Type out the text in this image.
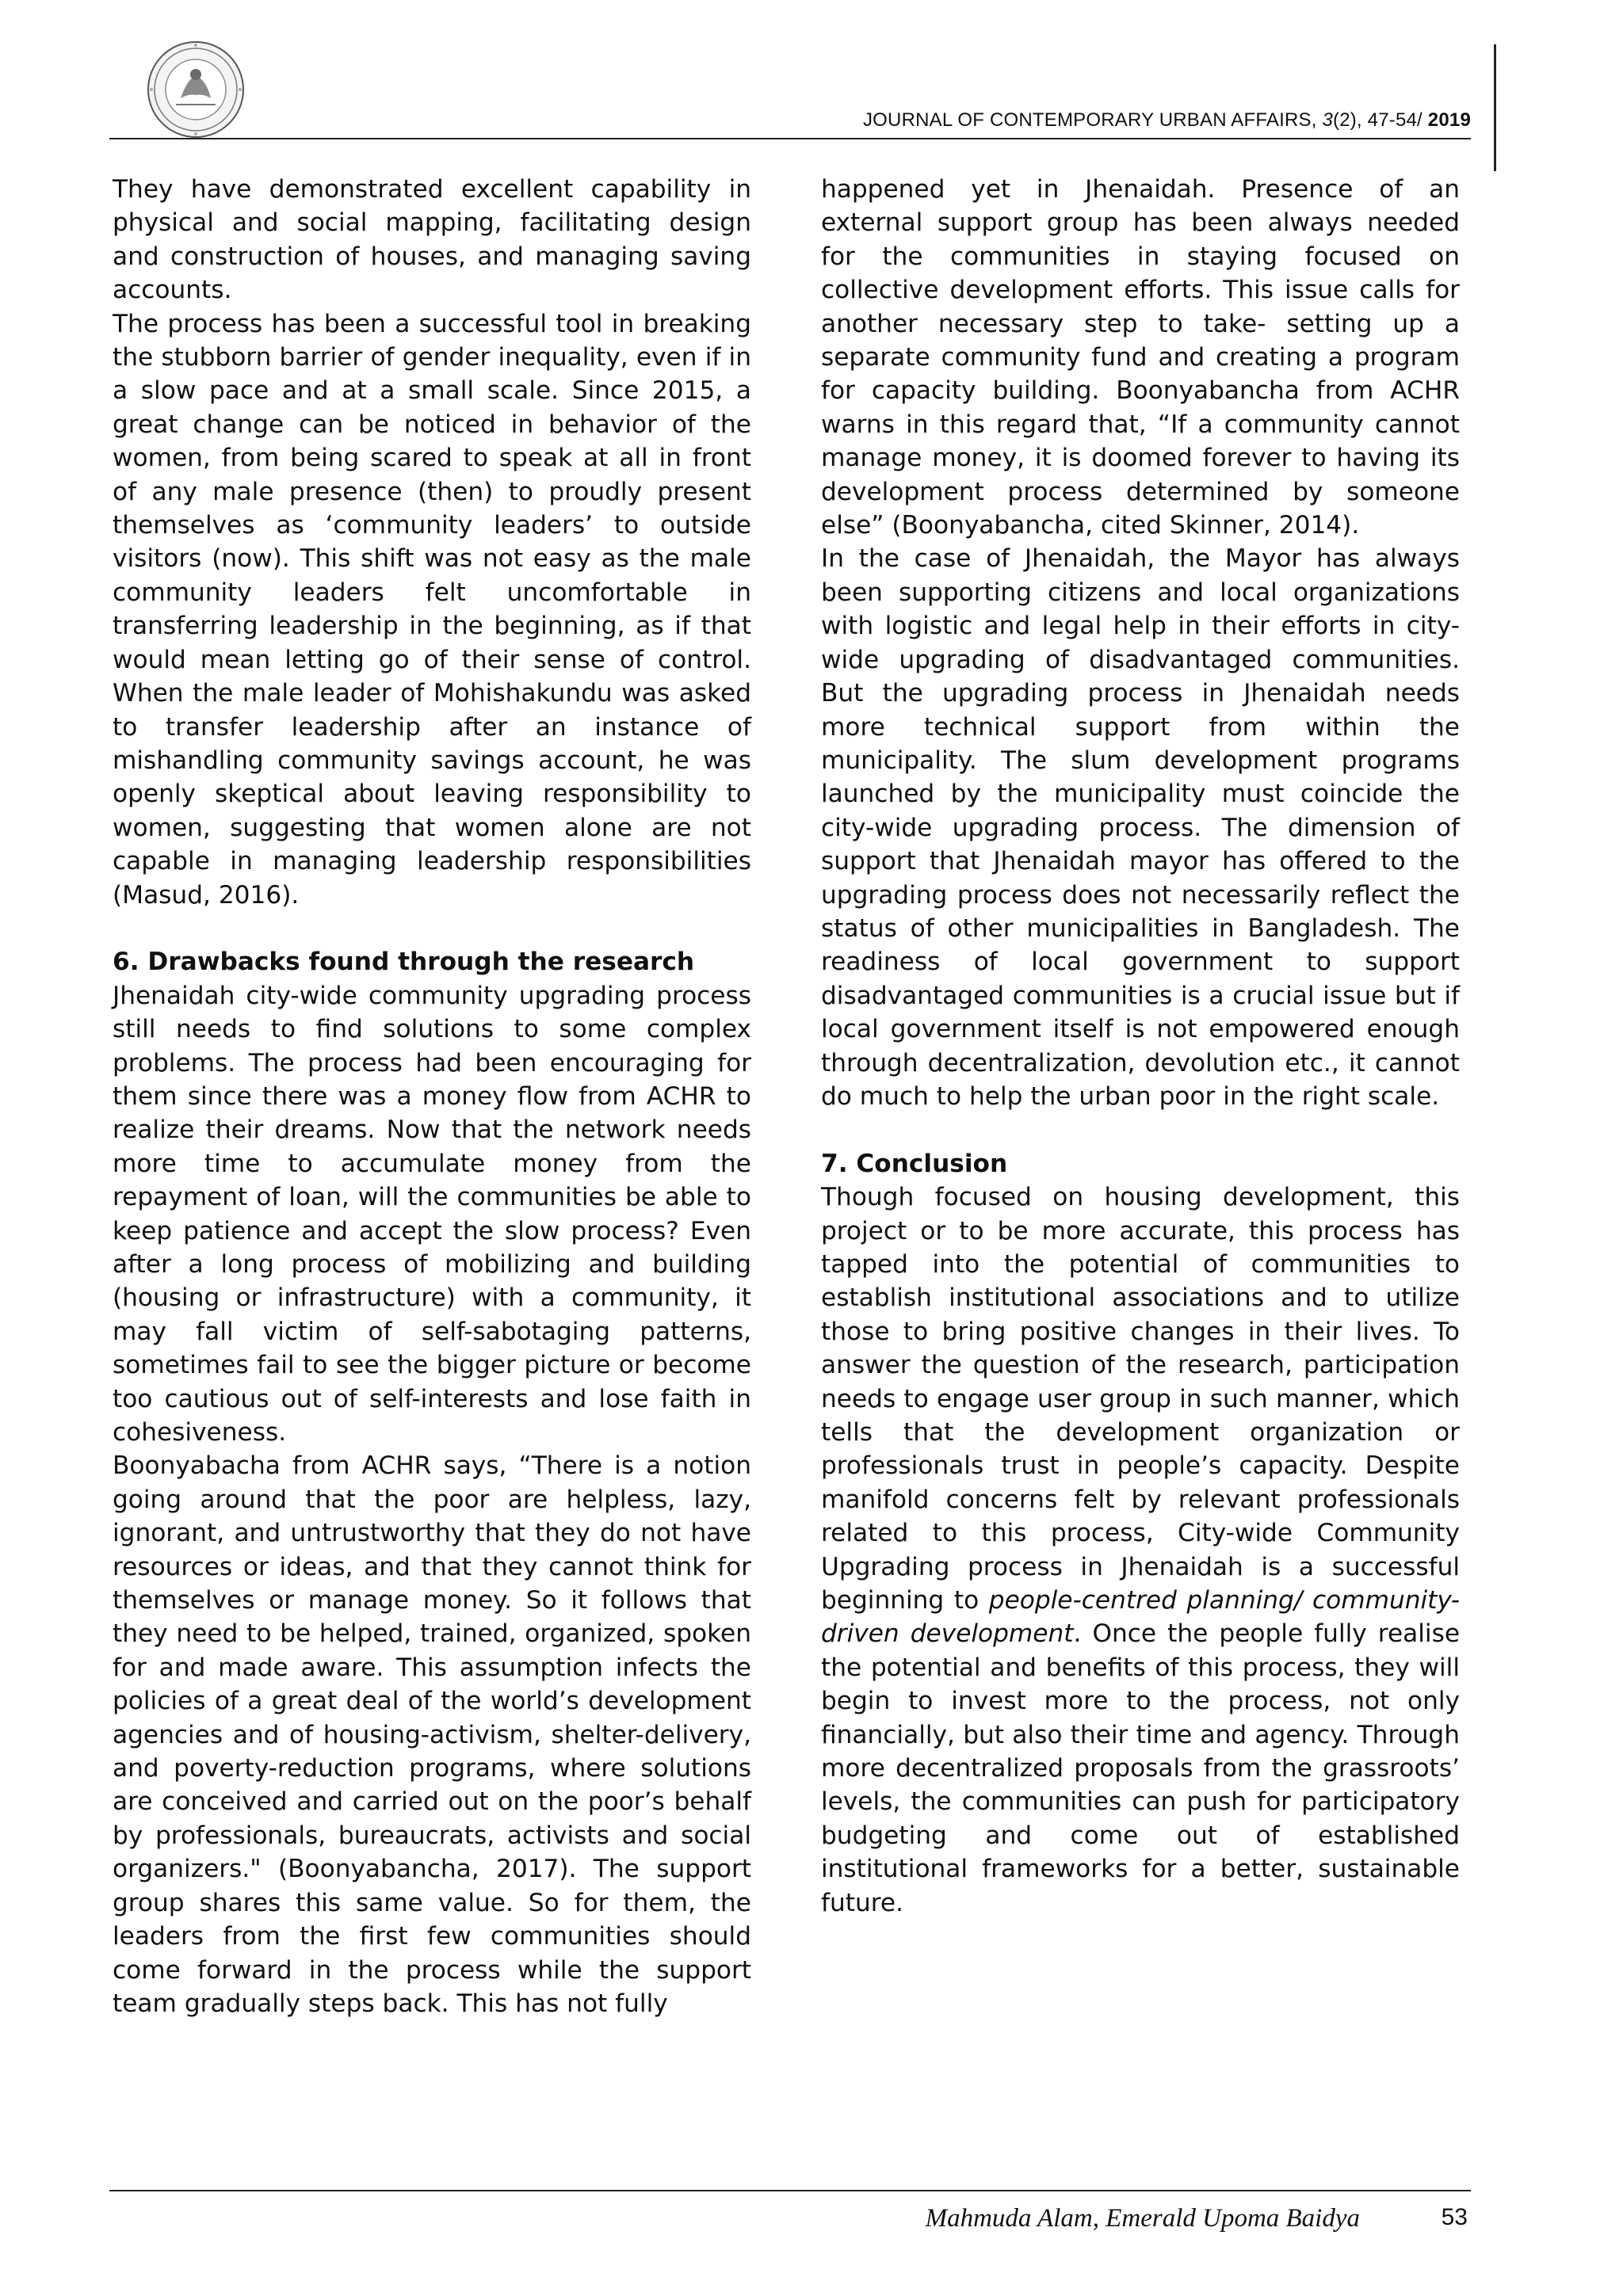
JOURNAL OF CONTEMPORARY URBAN AFFAIRS, 3(2), 47-54/ 2019

They have demonstrated excellent capability in physical and social mapping, facilitating design and construction of houses, and managing saving accounts.

The process has been a successful tool in breaking the stubborn barrier of gender inequality, even if in a slow pace and at a small scale. Since 2015, a great change can be noticed in behavior of the women, from being scared to speak at all in front of any male presence (then) to proudly present themselves as ‘community leaders’ to outside visitors (now). This shift was not easy as the male community leaders felt uncomfortable in transferring leadership in the beginning, as if that would mean letting go of their sense of control. When the male leader of Mohishakundu was asked to transfer leadership after an instance of mishandling community savings account, he was openly skeptical about leaving responsibility to women, suggesting that women alone are not capable in managing leadership responsibilities (Masud, 2016).

6. Drawbacks found through the research

Jhenaidah city-wide community upgrading process still needs to find solutions to some complex problems. The process had been encouraging for them since there was a money flow from ACHR to realize their dreams. Now that the network needs more time to accumulate money from the repayment of loan, will the communities be able to keep patience and accept the slow process? Even after a long process of mobilizing and building (housing or infrastructure) with a community, it may fall victim of self-sabotaging patterns, sometimes fail to see the bigger picture or become too cautious out of self-interests and lose faith in cohesiveness.

Boonyabacha from ACHR says, “There is a notion going around that the poor are helpless, lazy, ignorant, and untrustworthy that they do not have resources or ideas, and that they cannot think for themselves or manage money. So it follows that they need to be helped, trained, organized, spoken for and made aware. This assumption infects the policies of a great deal of the world’s development agencies and of housing-activism, shelter-delivery, and poverty-reduction programs, where solutions are conceived and carried out on the poor’s behalf by professionals, bureaucrats, activists and social organizers." (Boonyabancha, 2017). The support group shares this same value. So for them, the leaders from the first few communities should come forward in the process while the support team gradually steps back. This has not fully

happened yet in Jhenaidah. Presence of an external support group has been always needed for the communities in staying focused on collective development efforts. This issue calls for another necessary step to take- setting up a separate community fund and creating a program for capacity building. Boonyabancha from ACHR warns in this regard that, “If a community cannot manage money, it is doomed forever to having its development process determined by someone else” (Boonyabancha, cited Skinner, 2014).

In the case of Jhenaidah, the Mayor has always been supporting citizens and local organizations with logistic and legal help in their efforts in city-wide upgrading of disadvantaged communities. But the upgrading process in Jhenaidah needs more technical support from within the municipality. The slum development programs launched by the municipality must coincide the city-wide upgrading process. The dimension of support that Jhenaidah mayor has offered to the upgrading process does not necessarily reflect the status of other municipalities in Bangladesh. The readiness of local government to support disadvantaged communities is a crucial issue but if local government itself is not empowered enough through decentralization, devolution etc., it cannot do much to help the urban poor in the right scale.

7. Conclusion

Though focused on housing development, this project or to be more accurate, this process has tapped into the potential of communities to establish institutional associations and to utilize those to bring positive changes in their lives. To answer the question of the research, participation needs to engage user group in such manner, which tells that the development organization or professionals trust in people’s capacity. Despite manifold concerns felt by relevant professionals related to this process, City-wide Community Upgrading process in Jhenaidah is a successful beginning to people-centred planning/ community-driven development. Once the people fully realise the potential and benefits of this process, they will begin to invest more to the process, not only financially, but also their time and agency. Through more decentralized proposals from the grassroots’ levels, the communities can push for participatory budgeting and come out of established institutional frameworks for a better, sustainable future.

Mahmuda Alam, Emerald Upoma Baidya	53
